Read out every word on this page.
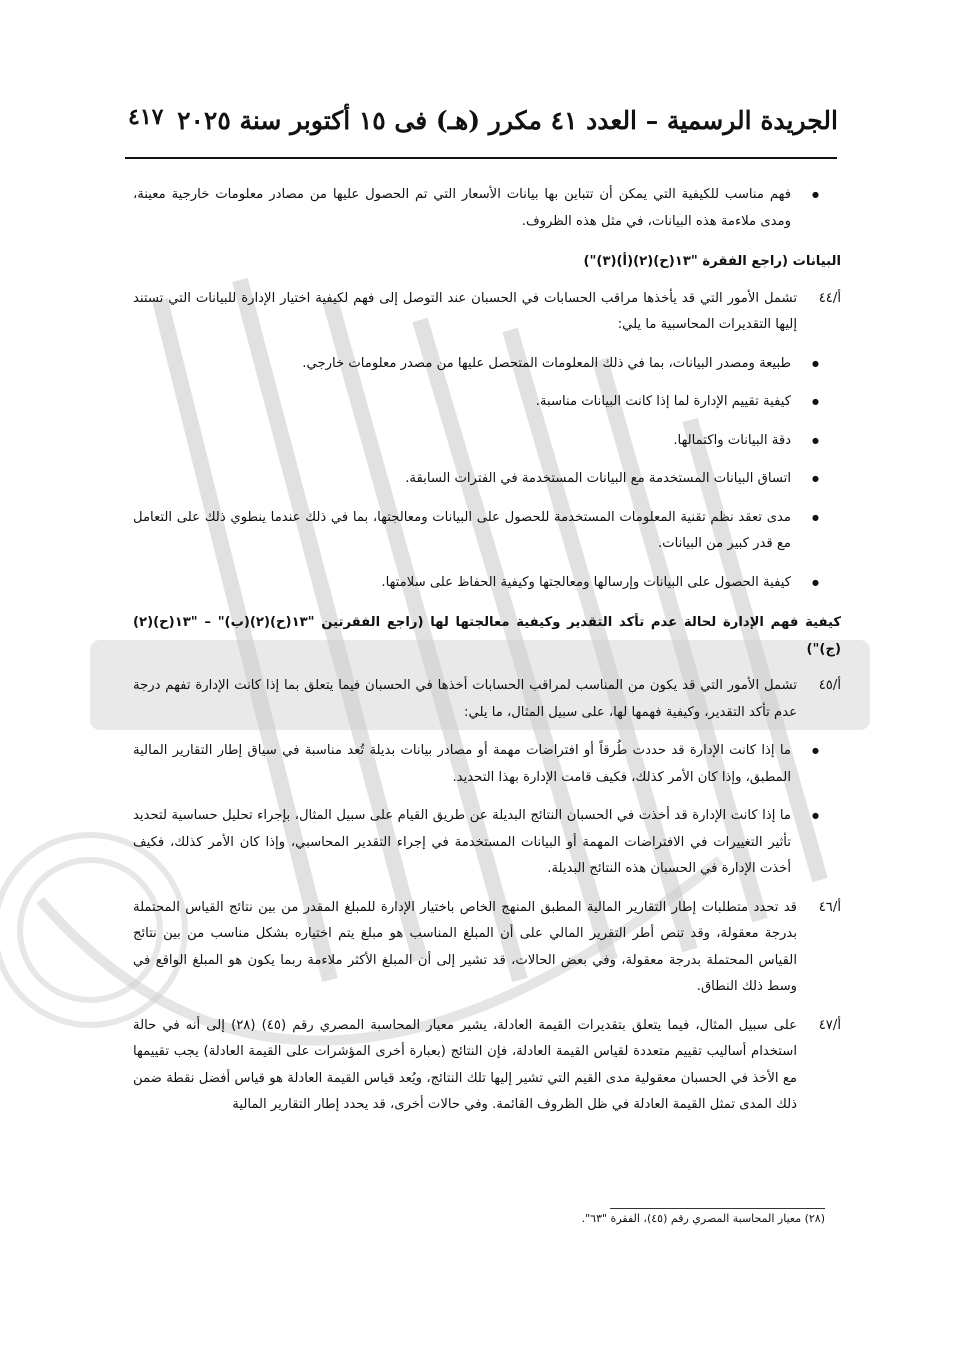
الجريدة الرسمية – العدد ٤١ مكرر (هـ) فى ١٥ أكتوبر سنة ٢٠٢٥
٤١٧
● فهم مناسب للكيفية التي يمكن أن تتباين بها بيانات الأسعار التي تم الحصول عليها من مصادر معلومات خارجية معينة، ومدى ملاءمة هذه البيانات، في مثل هذه الظروف.
البيانات (راجع الفقرة "١٣(ح)(٢)(أ)(٣)")
أ/٤٤
تشمل الأمور التي قد يأخذها مراقب الحسابات في الحسبان عند التوصل إلى فهم لكيفية اختيار الإدارة للبيانات التي تستند إليها التقديرات المحاسبية ما يلي:
● طبيعة ومصدر البيانات، بما في ذلك المعلومات المتحصل عليها من مصدر معلومات خارجي.
● كيفية تقييم الإدارة لما إذا كانت البيانات مناسبة.
● دقة البيانات واكتمالها.
● اتساق البيانات المستخدمة مع البيانات المستخدمة في الفترات السابقة.
● مدى تعقد نظم تقنية المعلومات المستخدمة للحصول على البيانات ومعالجتها، بما في ذلك عندما ينطوي ذلك على التعامل مع قدر كبير من البيانات.
● كيفية الحصول على البيانات وإرسالها ومعالجتها وكيفية الحفاظ على سلامتها.
كيفية فهم الإدارة لحالة عدم تأكد التقدير وكيفية معالجتها لها (راجع الفقرتين "١٣(ح)(٢)(ب)" – "١٣(ح)(٢)(ج)")
أ/٤٥
تشمل الأمور التي قد يكون من المناسب لمراقب الحسابات أخذها في الحسبان فيما يتعلق بما إذا كانت الإدارة تفهم درجة عدم تأكد التقدير، وكيفية فهمها لها، على سبيل المثال، ما يلي:
● ما إذا كانت الإدارة قد حددت طُرقاً أو افتراضات مهمة أو مصادر بيانات بديلة تُعد مناسبة في سياق إطار التقارير المالية المطبق، وإذا كان الأمر كذلك، فكيف قامت الإدارة بهذا التحديد.
● ما إذا كانت الإدارة قد أخذت في الحسبان النتائج البديلة عن طريق القيام على سبيل المثال، بإجراء تحليل حساسية لتحديد تأثير التغييرات في الافتراضات المهمة أو البيانات المستخدمة في إجراء التقدير المحاسبي، وإذا كان الأمر كذلك، فكيف أخذت الإدارة في الحسبان هذه النتائج البديلة.
أ/٤٦
قد تحدد متطلبات إطار التقارير المالية المطبق المنهج الخاص باختيار الإدارة للمبلغ المقدر من بين نتائج القياس المحتملة بدرجة معقولة، وقد تنص أطر التقرير المالي على أن المبلغ المناسب هو مبلغ يتم اختياره بشكل مناسب من بين نتائج القياس المحتملة بدرجة معقولة، وفي بعض الحالات، قد تشير إلى أن المبلغ الأكثر ملاءمة ربما يكون هو المبلغ الواقع في وسط ذلك النطاق.
أ/٤٧
على سبيل المثال، فيما يتعلق بتقديرات القيمة العادلة، يشير معيار المحاسبة المصري رقم (٤٥) (٢٨) إلى أنه في حالة استخدام أساليب تقييم متعددة لقياس القيمة العادلة، فإن النتائج (بعبارة أخرى المؤشرات على القيمة العادلة) يجب تقييمها مع الأخذ في الحسبان معقولية مدى القيم التي تشير إليها تلك النتائج، ويُعد قياس القيمة العادلة هو قياس أفضل نقطة ضمن ذلك المدى تمثل القيمة العادلة في ظل الظروف القائمة. وفي حالات أخرى، قد يحدد إطار التقارير المالية
(٢٨) معيار المحاسبة المصري رقم (٤٥)، الفقرة "٦٣".
